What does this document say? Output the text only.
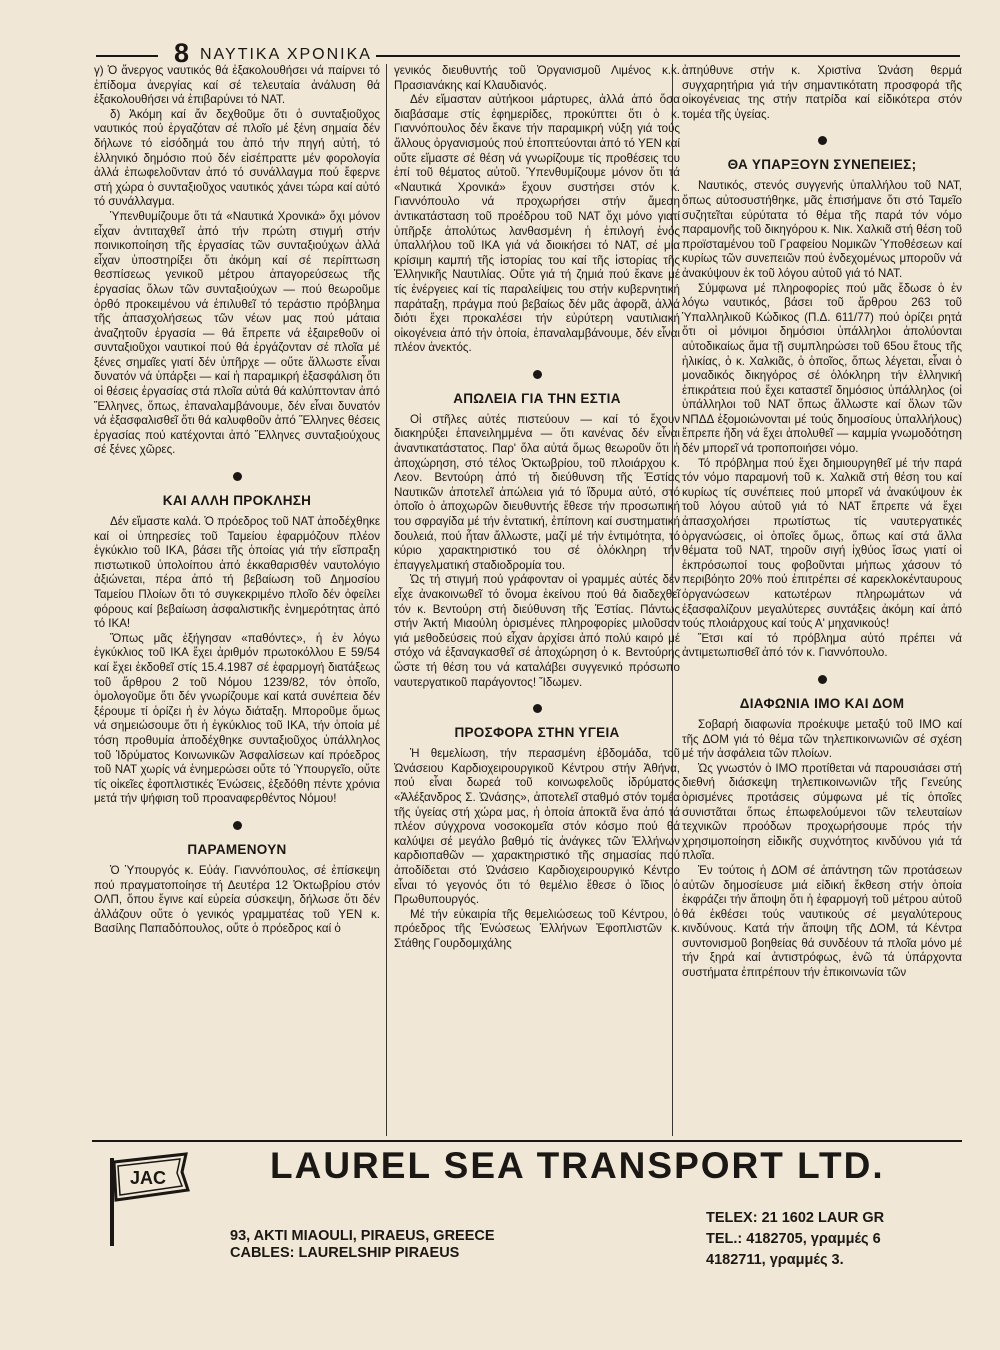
8 ΝΑΥΤΙΚΑ ΧΡΟΝΙΚΑ

γ) Ὁ ἄνεργος ναυτικός θά ἐξακολουθήσει νά παίρνει τό ἐπίδομα ἀνεργίας καί σέ τελευταία ἀνάλυση θά ἐξακολουθήσει νά ἐπιβαρύνει τό ΝΑΤ.

δ) Ἀκόμη καί ἄν δεχθοῦμε ὅτι ὁ συνταξιοῦχος ναυτικός πού ἐργαζόταν σέ πλοῖο μέ ξένη σημαία δέν δήλωνε τό εἰσόδημά του ἀπό τήν πηγή αὐτή, τό ἑλληνικό δημόσιο πού δέν εἰσέπραττε μέν φορολογία ἀλλά ἐπωφελοῦνταν ἀπό τό συνάλλαγμα πού ἔφερνε στή χώρα ὁ συνταξιοῦχος ναυτικός χάνει τώρα καί αὐτό τό συνάλλαγμα.

Ὑπενθυμίζουμε ὅτι τά «Ναυτικά Χρονικά» ὅχι μόνον εἶχαν ἀντιταχθεῖ ἀπό τήν πρώτη στιγμή στήν ποινικοποίηση τῆς ἐργασίας τῶν συνταξιούχων ἀλλά εἶχαν ὑποστηρίξει ὅτι ἀκόμη καί σέ περίπτωση θεσπίσεως γενικοῦ μέτρου ἀπαγορεύσεως τῆς ἐργασίας ὅλων τῶν συνταξιούχων — πού θεωροῦμε ὀρθό προκειμένου νά ἐπιλυθεῖ τό τεράστιο πρόβλημα τῆς ἀπασχολήσεως τῶν νέων μας πού μάταια ἀναζητοῦν ἐργασία — θά ἔπρεπε νά ἐξαιρεθοῦν οἱ συνταξιοῦχοι ναυτικοί πού θά ἐργάζονταν σέ πλοῖα μέ ξένες σημαῖες γιατί δέν ὑπῆρχε — οὔτε ἄλλωστε εἶναι δυνατόν νά ὑπάρξει — καί ἡ παραμικρή ἐξασφάλιση ὅτι οἱ θέσεις ἐργασίας στά πλοῖα αὐτά θά καλύπτονταν ἀπό Ἕλληνες, ὅπως, ἐπαναλαμβάνουμε, δέν εἶναι δυνατόν νά ἐξασφαλισθεῖ ὅτι θά καλυφθοῦν ἀπό Ἕλληνες θέσεις ἐργασίας πού κατέχονται ἀπό Ἕλληνες συνταξιούχους σέ ξένες χῶρες.

ΚΑΙ ΑΛΛΗ ΠΡΟΚΛΗΣΗ

Δέν εἴμαστε καλά. Ὁ πρόεδρος τοῦ ΝΑΤ ἀποδέχθηκε καί οἱ ὑπηρεσίες τοῦ Ταμείου ἐφαρμόζουν πλέον ἐγκύκλιο τοῦ ΙΚΑ, βάσει τῆς ὁποίας γιά τήν εἴσπραξη πιστωτικοῦ ὑπολοίπου ἀπό ἐκκαθαρισθέν ναυτολόγιο ἀξιώνεται, πέρα ἀπό τή βεβαίωση τοῦ Δημοσίου Ταμείου Πλοίων ὅτι τό συγκεκριμένο πλοῖο δέν ὀφείλει φόρους καί βεβαίωση ἀσφαλιστικῆς ἐνημερότητας ἀπό τό ΙΚΑ!

Ὅπως μᾶς ἐξήγησαν «παθόντες», ἡ ἐν λόγω ἐγκύκλιος τοῦ ΙΚΑ ἔχει ἀριθμόν πρωτοκόλλου Ε 59/54 καί ἔχει ἐκδοθεῖ στίς 15.4.1987 σέ ἐφαρμογή διατάξεως τοῦ ἄρθρου 2 τοῦ Νόμου 1239/82, τόν ὁποῖο, ὁμολογοῦμε ὅτι δέν γνωρίζουμε καί κατά συνέπεια δέν ξέρουμε τί ὁρίζει ἡ ἐν λόγω διάταξη. Μποροῦμε ὅμως νά σημειώσουμε ὅτι ἡ ἐγκύκλιος τοῦ ΙΚΑ, τήν ὁποία μέ τόση προθυμία ἀποδέχθηκε συνταξιοῦχος ὑπάλληλος τοῦ Ἱδρύματος Κοινωνικῶν Ἀσφαλίσεων καί πρόεδρος τοῦ ΝΑΤ χωρίς νά ἐνημερώσει οὔτε τό Ὑπουργεῖο, οὔτε τίς οἰκεῖες ἐφοπλιστικές Ἑνώσεις, ἐξεδόθη πέντε χρόνια μετά τήν ψήφιση τοῦ προαναφερθέντος Νόμου!

ΠΑΡΑΜΕΝΟΥΝ

Ὁ Ὑπουργός κ. Εὐάγ. Γιαννόπουλος, σέ ἐπίσκεψη πού πραγματοποίησε τή Δευτέρα 12 Ὀκτωβρίου στόν ΟΛΠ, ὅπου ἔγινε καί εὐρεία σύσκεψη, δήλωσε ὅτι δέν ἀλλάζουν οὔτε ὁ γενικός γραμματέας τοῦ ΥΕΝ κ. Βασίλης Παπαδόπουλος, οὔτε ὁ πρόεδρος καί ὁ

γενικός διευθυντής τοῦ Ὀργανισμοῦ Λιμένος κ.κ. Πρασιανάκης καί Κλαυδιανός.

Δέν εἴμασταν αὐτήκοοι μάρτυρες, ἀλλά ἀπό ὅσα διαβάσαμε στίς ἐφημερίδες, προκύπτει ὅτι ὁ κ. Γιαννόπουλος δέν ἔκανε τήν παραμικρή νύξη γιά τούς ἄλλους ὀργανισμούς πού ἐποπτεύονται ἀπό τό ΥΕΝ καί οὔτε εἴμαστε σέ θέση νά γνωρίζουμε τίς προθέσεις του ἐπί τοῦ θέματος αὐτοῦ. Ὑπενθυμίζουμε μόνον ὅτι τά «Ναυτικά Χρονικά» ἔχουν συστήσει στόν κ. Γιαννόπουλο νά προχωρήσει στήν ἄμεση ἀντικατάσταση τοῦ προέδρου τοῦ ΝΑΤ ὅχι μόνο γιατί ὑπῆρξε ἀπολύτως λανθασμένη ἡ ἐπιλογή ἑνός ὑπαλλήλου τοῦ ΙΚΑ γιά νά διοικήσει τό ΝΑΤ, σέ μία κρίσιμη καμπή τῆς ἱστορίας του καί τῆς ἱστορίας τῆς Ἑλληνικῆς Ναυτιλίας. Οὔτε γιά τή ζημιά πού ἔκανε μέ τίς ἐνέργειες καί τίς παραλείψεις του στήν κυβερνητική παράταξη, πράγμα πού βεβαίως δέν μᾶς ἀφορᾶ, ἀλλά διότι ἔχει προκαλέσει τήν εὐρύτερη ναυτιλιακή οἰκογένεια ἀπό τήν ὁποία, ἐπαναλαμβάνουμε, δέν εἶναι πλέον ἀνεκτός.

ΑΠΩΛΕΙΑ ΓΙΑ ΤΗΝ ΕΣΤΙΑ

Οἱ στῆλες αὐτές πιστεύουν — καί τό ἔχουν διακηρύξει ἐπανειλημμένα — ὅτι κανένας δέν εἶναι ἀναντικατάστατος. Παρ' ὅλα αὐτά ὅμως θεωροῦν ὅτι ἡ ἀποχώρηση, στό τέλος Ὀκτωβρίου, τοῦ πλοιάρχου κ. Λεον. Βεντούρη ἀπό τή διεύθυνση τῆς Ἑστίας Ναυτικῶν ἀποτελεῖ ἀπώλεια γιά τό ἵδρυμα αὐτό, στό ὁποῖο ὁ ἀποχωρῶν διευθυντής ἔθεσε τήν προσωπική του σφραγίδα μέ τήν ἐντατική, ἐπίπονη καί συστηματική δουλειά, πού ἦταν ἄλλωστε, μαζί μέ τήν ἐντιμότητα, τό κύριο χαρακτηριστικό του σέ ὁλόκληρη τήν ἐπαγγελματική σταδιοδρομία του.

Ὡς τή στιγμή πού γράφονταν οἱ γραμμές αὐτές δέν εἶχε ἀνακοινωθεῖ τό ὄνομα ἐκείνου πού θά διαδεχθεῖ τόν κ. Βεντούρη στή διεύθυνση τῆς Ἑστίας. Πάντως στήν Ἀκτή Μιαούλη ὁρισμένες πληροφορίες μιλοῦσαν γιά μεθοδεύσεις πού εἶχαν ἀρχίσει ἀπό πολύ καιρό μέ στόχο νά ἐξαναγκασθεῖ σέ ἀποχώρηση ὁ κ. Βεντούρης ὥστε τή θέση του νά καταλάβει συγγενικό πρόσωπο ναυτεργατικοῦ παράγοντος! Ἴδωμεν.

ΠΡΟΣΦΟΡΑ ΣΤΗΝ ΥΓΕΙΑ

Ἡ θεμελίωση, τήν περασμένη ἑβδομάδα, τοῦ Ὠνάσειου Καρδιοχειρουργικοῦ Κέντρου στήν Ἀθήνα, πού εἶναι δωρεά τοῦ κοινωφελοῦς ἱδρύματος «Ἀλέξανδρος Σ. Ὠνάσης», ἀποτελεῖ σταθμό στόν τομέα τῆς ὑγείας στή χώρα μας, ἡ ὁποία ἀποκτᾶ ἕνα ἀπό τά πλέον σύγχρονα νοσοκομεῖα στόν κόσμο πού θά καλύψει σέ μεγάλο βαθμό τίς ἀνάγκες τῶν Ἑλλήνων καρδιοπαθῶν — χαρακτηριστικό τῆς σημασίας πού ἀποδίδεται στό Ὠνάσειο Καρδιοχειρουργικό Κέντρο εἶναι τό γεγονός ὅτι τό θεμέλιο ἔθεσε ὁ ἴδιος ὁ Πρωθυπουργός.

Μέ τήν εὐκαιρία τῆς θεμελιώσεως τοῦ Κέντρου, ὁ πρόεδρος τῆς Ἑνώσεως Ἑλλήνων Ἐφοπλιστῶν κ. Στάθης Γουρδομιχάλης

ἀπηύθυνε στήν κ. Χριστίνα Ὠνάση θερμά συγχαρητήρια γιά τήν σημαντικότατη προσφορά τῆς οἰκογένειας της στήν πατρίδα καί εἰδικότερα στόν τομέα τῆς ὑγείας.

ΘΑ ΥΠΑΡΞΟΥΝ ΣΥΝΕΠΕΙΕΣ;

Ναυτικός, στενός συγγενής ὑπαλλήλου τοῦ ΝΑΤ, ὅπως αὐτοσυστήθηκε, μᾶς ἐπισήμανε ὅτι στό Ταμεῖο συζητεῖται εὐρύτατα τό θέμα τῆς παρά τόν νόμο παραμονῆς τοῦ δικηγόρου κ. Νικ. Χαλκιᾶ στή θέση τοῦ προϊσταμένου τοῦ Γραφείου Νομικῶν Ὑποθέσεων καί κυρίως τῶν συνεπειῶν πού ἐνδεχομένως μποροῦν νά ἀνακύψουν ἐκ τοῦ λόγου αὐτοῦ γιά τό ΝΑΤ.

Σύμφωνα μέ πληροφορίες πού μᾶς ἔδωσε ὁ ἐν λόγω ναυτικός, βάσει τοῦ ἄρθρου 263 τοῦ Ὑπαλληλικοῦ Κώδικος (Π.Δ. 611/77) πού ὁρίζει ρητά ὅτι οἱ μόνιμοι δημόσιοι ὑπάλληλοι ἀπολύονται αὐτοδικαίως ἅμα τῇ συμπληρώσει τοῦ 65ου ἔτους τῆς ἡλικίας, ὁ κ. Χαλκιᾶς, ὁ ὁποῖος, ὅπως λέγεται, εἶναι ὁ μοναδικός δικηγόρος σέ ὁλόκληρη τήν ἑλληνική ἐπικράτεια πού ἔχει καταστεῖ δημόσιος ὑπάλληλος (οἱ ὑπάλληλοι τοῦ ΝΑΤ ὅπως ἄλλωστε καί ὅλων τῶν ΝΠΔΔ ἐξομοιώνονται μέ τούς δημοσίους ὑπαλλήλους) ἔπρεπε ἤδη νά ἔχει ἀπολυθεῖ — καμμία γνωμοδότηση δέν μπορεῖ νά τροποποιήσει νόμο.

Τό πρόβλημα πού ἔχει δημιουργηθεῖ μέ τήν παρά τόν νόμο παραμονή τοῦ κ. Χαλκιᾶ στή θέση του καί κυρίως τίς συνέπειες πού μπορεῖ νά ἀνακύψουν ἐκ τοῦ λόγου αὐτοῦ γιά τό ΝΑΤ ἔπρεπε νά ἔχει ἀπασχολήσει πρωτίστως τίς ναυτεργατικές ὀργανώσεις, οἱ ὁποῖες ὅμως, ὅπως καί στά ἄλλα θέματα τοῦ ΝΑΤ, τηροῦν σιγή ἰχθύος ἴσως γιατί οἱ ἐκπρόσωποί τους φοβοῦνται μήπως χάσουν τό περιβόητο 20% πού ἐπιτρέπει σέ καρεκλοκένταυρους ὀργανώσεων κατωτέρων πληρωμάτων νά ἐξασφαλίζουν μεγαλύτερες συντάξεις ἀκόμη καί ἀπό τούς πλοιάρχους καί τούς Α' μηχανικούς!

Ἔτσι καί τό πρόβλημα αὐτό πρέπει νά ἀντιμετωπισθεῖ ἀπό τόν κ. Γιαννόπουλο.

ΔΙΑΦΩΝΙΑ ΙΜΟ ΚΑΙ ΔΟΜ

Σοβαρή διαφωνία προέκυψε μεταξύ τοῦ ΙΜΟ καί τῆς ΔΟΜ γιά τό θέμα τῶν τηλεπικοινωνιῶν σέ σχέση μέ τήν ἀσφάλεια τῶν πλοίων.

Ὡς γνωστόν ὁ ΙΜΟ προτίθεται νά παρουσιάσει στή διεθνή διάσκεψη τηλεπικοινωνιῶν τῆς Γενεύης ὁρισμένες προτάσεις σύμφωνα μέ τίς ὁποῖες συνιστᾶται ὅπως ἐπωφελούμενοι τῶν τελευταίων τεχνικῶν προόδων προχωρήσουμε πρός τήν χρησιμοποίηση εἰδικῆς συχνότητος κινδύνου γιά τά πλοῖα.

Ἐν τούτοις ἡ ΔΟΜ σέ ἀπάντηση τῶν προτάσεων αὐτῶν δημοσίευσε μιά εἰδική ἔκθεση στήν ὁποία ἐκφράζει τήν ἄποψη ὅτι ἡ ἐφαρμογή τοῦ μέτρου αὐτοῦ θά ἐκθέσει τούς ναυτικούς σέ μεγαλύτερους κινδύνους. Κατά τήν ἄποψη τῆς ΔΟΜ, τά Κέντρα συντονισμοῦ βοηθείας θά συνδέουν τά πλοῖα μόνο μέ τήν ξηρά καί ἀντιστρόφως, ἐνῶ τά ὑπάρχοντα συστήματα ἐπιτρέπουν τήν ἐπικοινωνία τῶν

JAC	LAUREL SEA TRANSPORT LTD.
93, AKTI MIAOULI, PIRAEUS, GREECE
CABLES: LAURELSHIP PIRAEUS
TELEX: 21 1602 LAUR GR
TEL.: 4182705, γραμμές 6
4182711, γραμμές 3.
